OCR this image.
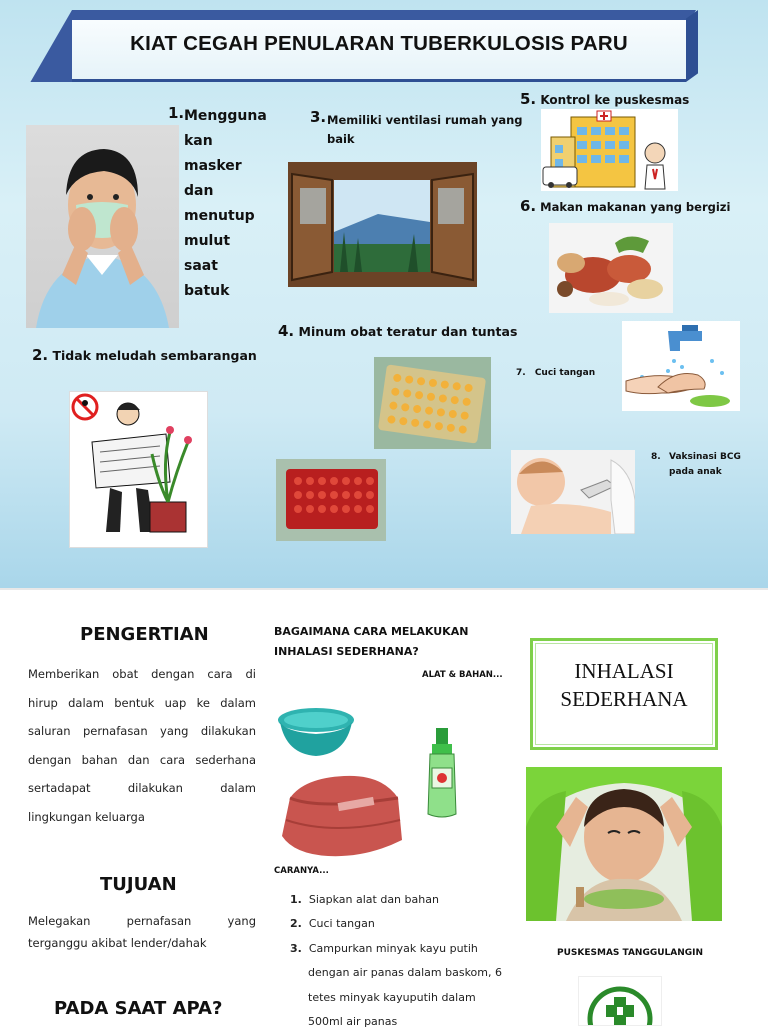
KIAT CEGAH PENULARAN TUBERKULOSIS PARU
1. Mengguna
kan
masker
dan
menutup
mulut
saat
batuk
2. Tidak meludah sembarangan
3. Memiliki ventilasi rumah yang
baik
4. Minum obat teratur dan tuntas
5. Kontrol ke puskesmas
6. Makan makanan yang bergizi
7. Cuci tangan
8. Vaksinasi BCG
pada anak
PENGERTIAN
Memberikan obat dengan cara di
hirup dalam bentuk uap ke dalam
saluran pernafasan yang dilakukan
dengan bahan dan cara sederhana
sertadapat dilakukan dalam
lingkungan keluarga
TUJUAN
Melegakan pernafasan yang
terganggu akibat lender/dahak
PADA SAAT APA?
BAGAIMANA CARA MELAKUKAN
INHALASI SEDERHANA?
ALAT & BAHAN...
CARANYA...
1. Siapkan alat dan bahan
2. Cuci tangan
3. Campurkan minyak kayu putih
dengan air panas dalam baskom, 6
tetes minyak kayuputih dalam
500ml air panas
INHALASI
SEDERHANA
PUSKESMAS TANGGULANGIN
